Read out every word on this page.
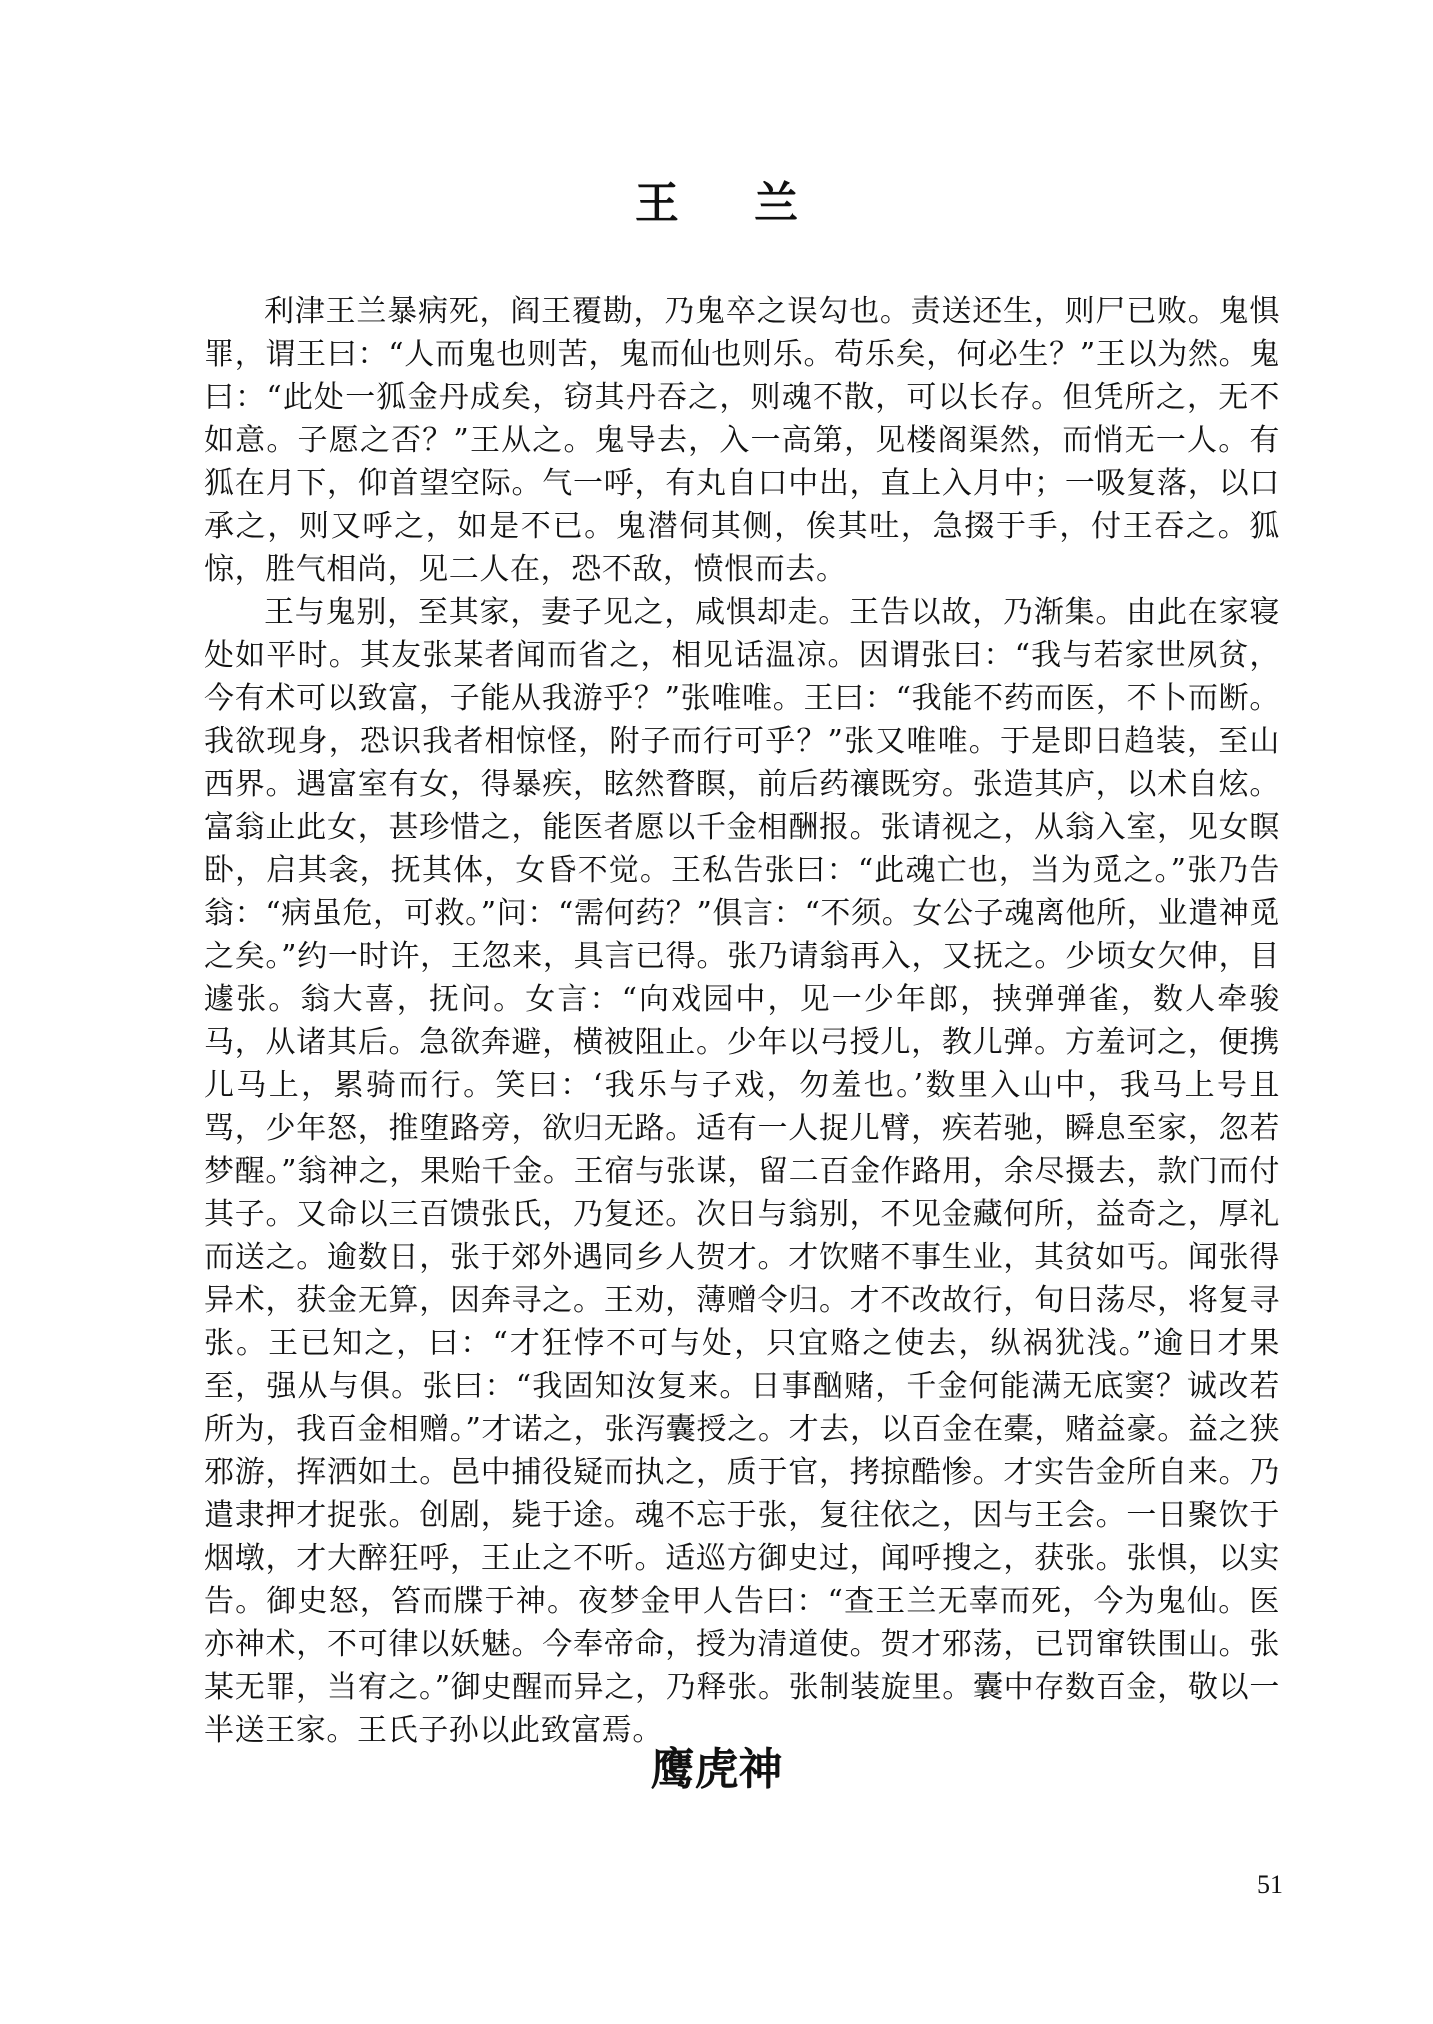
王 兰

利津王兰暴病死，阎王覆勘，乃鬼卒之误勾也。责送还生，则尸已败。鬼惧罪，谓王曰：“人而鬼也则苦，鬼而仙也则乐。苟乐矣，何必生？”王以为然。鬼曰：“此处一狐金丹成矣，窃其丹吞之，则魂不散，可以长存。但凭所之，无不如意。子愿之否？”王从之。鬼导去，入一高第，见楼阁渠然，而悄无一人。有狐在月下，仰首望空际。气一呼，有丸自口中出，直上入月中；一吸复落，以口承之，则又呼之，如是不已。鬼潜伺其侧，俟其吐，急掇于手，付王吞之。狐惊，胜气相尚，见二人在，恐不敌，愤恨而去。

王与鬼别，至其家，妻子见之，咸惧却走。王告以故，乃渐集。由此在家寝处如平时。其友张某者闻而省之，相见话温凉。因谓张曰：“我与若家世夙贫，今有术可以致富，子能从我游乎？”张唯唯。王曰：“我能不药而医，不卜而断。我欲现身，恐识我者相惊怪，附子而行可乎？”张又唯唯。于是即日趋装，至山西界。遇富室有女，得暴疾，眩然瞀瞑，前后药禳既穷。张造其庐，以术自炫。富翁止此女，甚珍惜之，能医者愿以千金相酬报。张请视之，从翁入室，见女瞑卧，启其衾，抚其体，女昏不觉。王私告张曰：“此魂亡也，当为觅之。”张乃告翁：“病虽危，可救。”问：“需何药？”俱言：“不须。女公子魂离他所，业遣神觅之矣。”约一时许，王忽来，具言已得。张乃请翁再入，又抚之。少顷女欠伸，目遽张。翁大喜，抚问。女言：“向戏园中，见一少年郎，挟弹弹雀，数人牵骏马，从诸其后。急欲奔避，横被阻止。少年以弓授儿，教儿弹。方羞诃之，便携儿马上，累骑而行。笑曰：‘我乐与子戏，勿羞也。’数里入山中，我马上号且骂，少年怒，推堕路旁，欲归无路。适有一人捉儿臂，疾若驰，瞬息至家，忽若梦醒。”翁神之，果贻千金。王宿与张谋，留二百金作路用，余尽摄去，款门而付其子。又命以三百馈张氏，乃复还。次日与翁别，不见金藏何所，益奇之，厚礼而送之。逾数日，张于郊外遇同乡人贺才。才饮赌不事生业，其贫如丐。闻张得异术，获金无算，因奔寻之。王劝，薄赠令归。才不改故行，旬日荡尽，将复寻张。王已知之，曰：“才狂悖不可与处，只宜赂之使去，纵祸犹浅。”逾日才果至，强从与俱。张曰：“我固知汝复来。日事酗赌，千金何能满无底窦？诚改若所为，我百金相赠。”才诺之，张泻囊授之。才去，以百金在橐，赌益豪。益之狭邪游，挥洒如土。邑中捕役疑而执之，质于官，拷掠酷惨。才实告金所自来。乃遣隶押才捉张。创剧，毙于途。魂不忘于张，复往依之，因与王会。一日聚饮于烟墩，才大醉狂呼，王止之不听。适巡方御史过，闻呼搜之，获张。张惧，以实告。御史怒，笞而牒于神。夜梦金甲人告曰：“查王兰无辜而死，今为鬼仙。医亦神术，不可律以妖魅。今奉帝命，授为清道使。贺才邪荡，已罚窜铁围山。张某无罪，当宥之。”御史醒而异之，乃释张。张制装旋里。囊中存数百金，敬以一半送王家。王氏子孙以此致富焉。

鹰虎神
51
